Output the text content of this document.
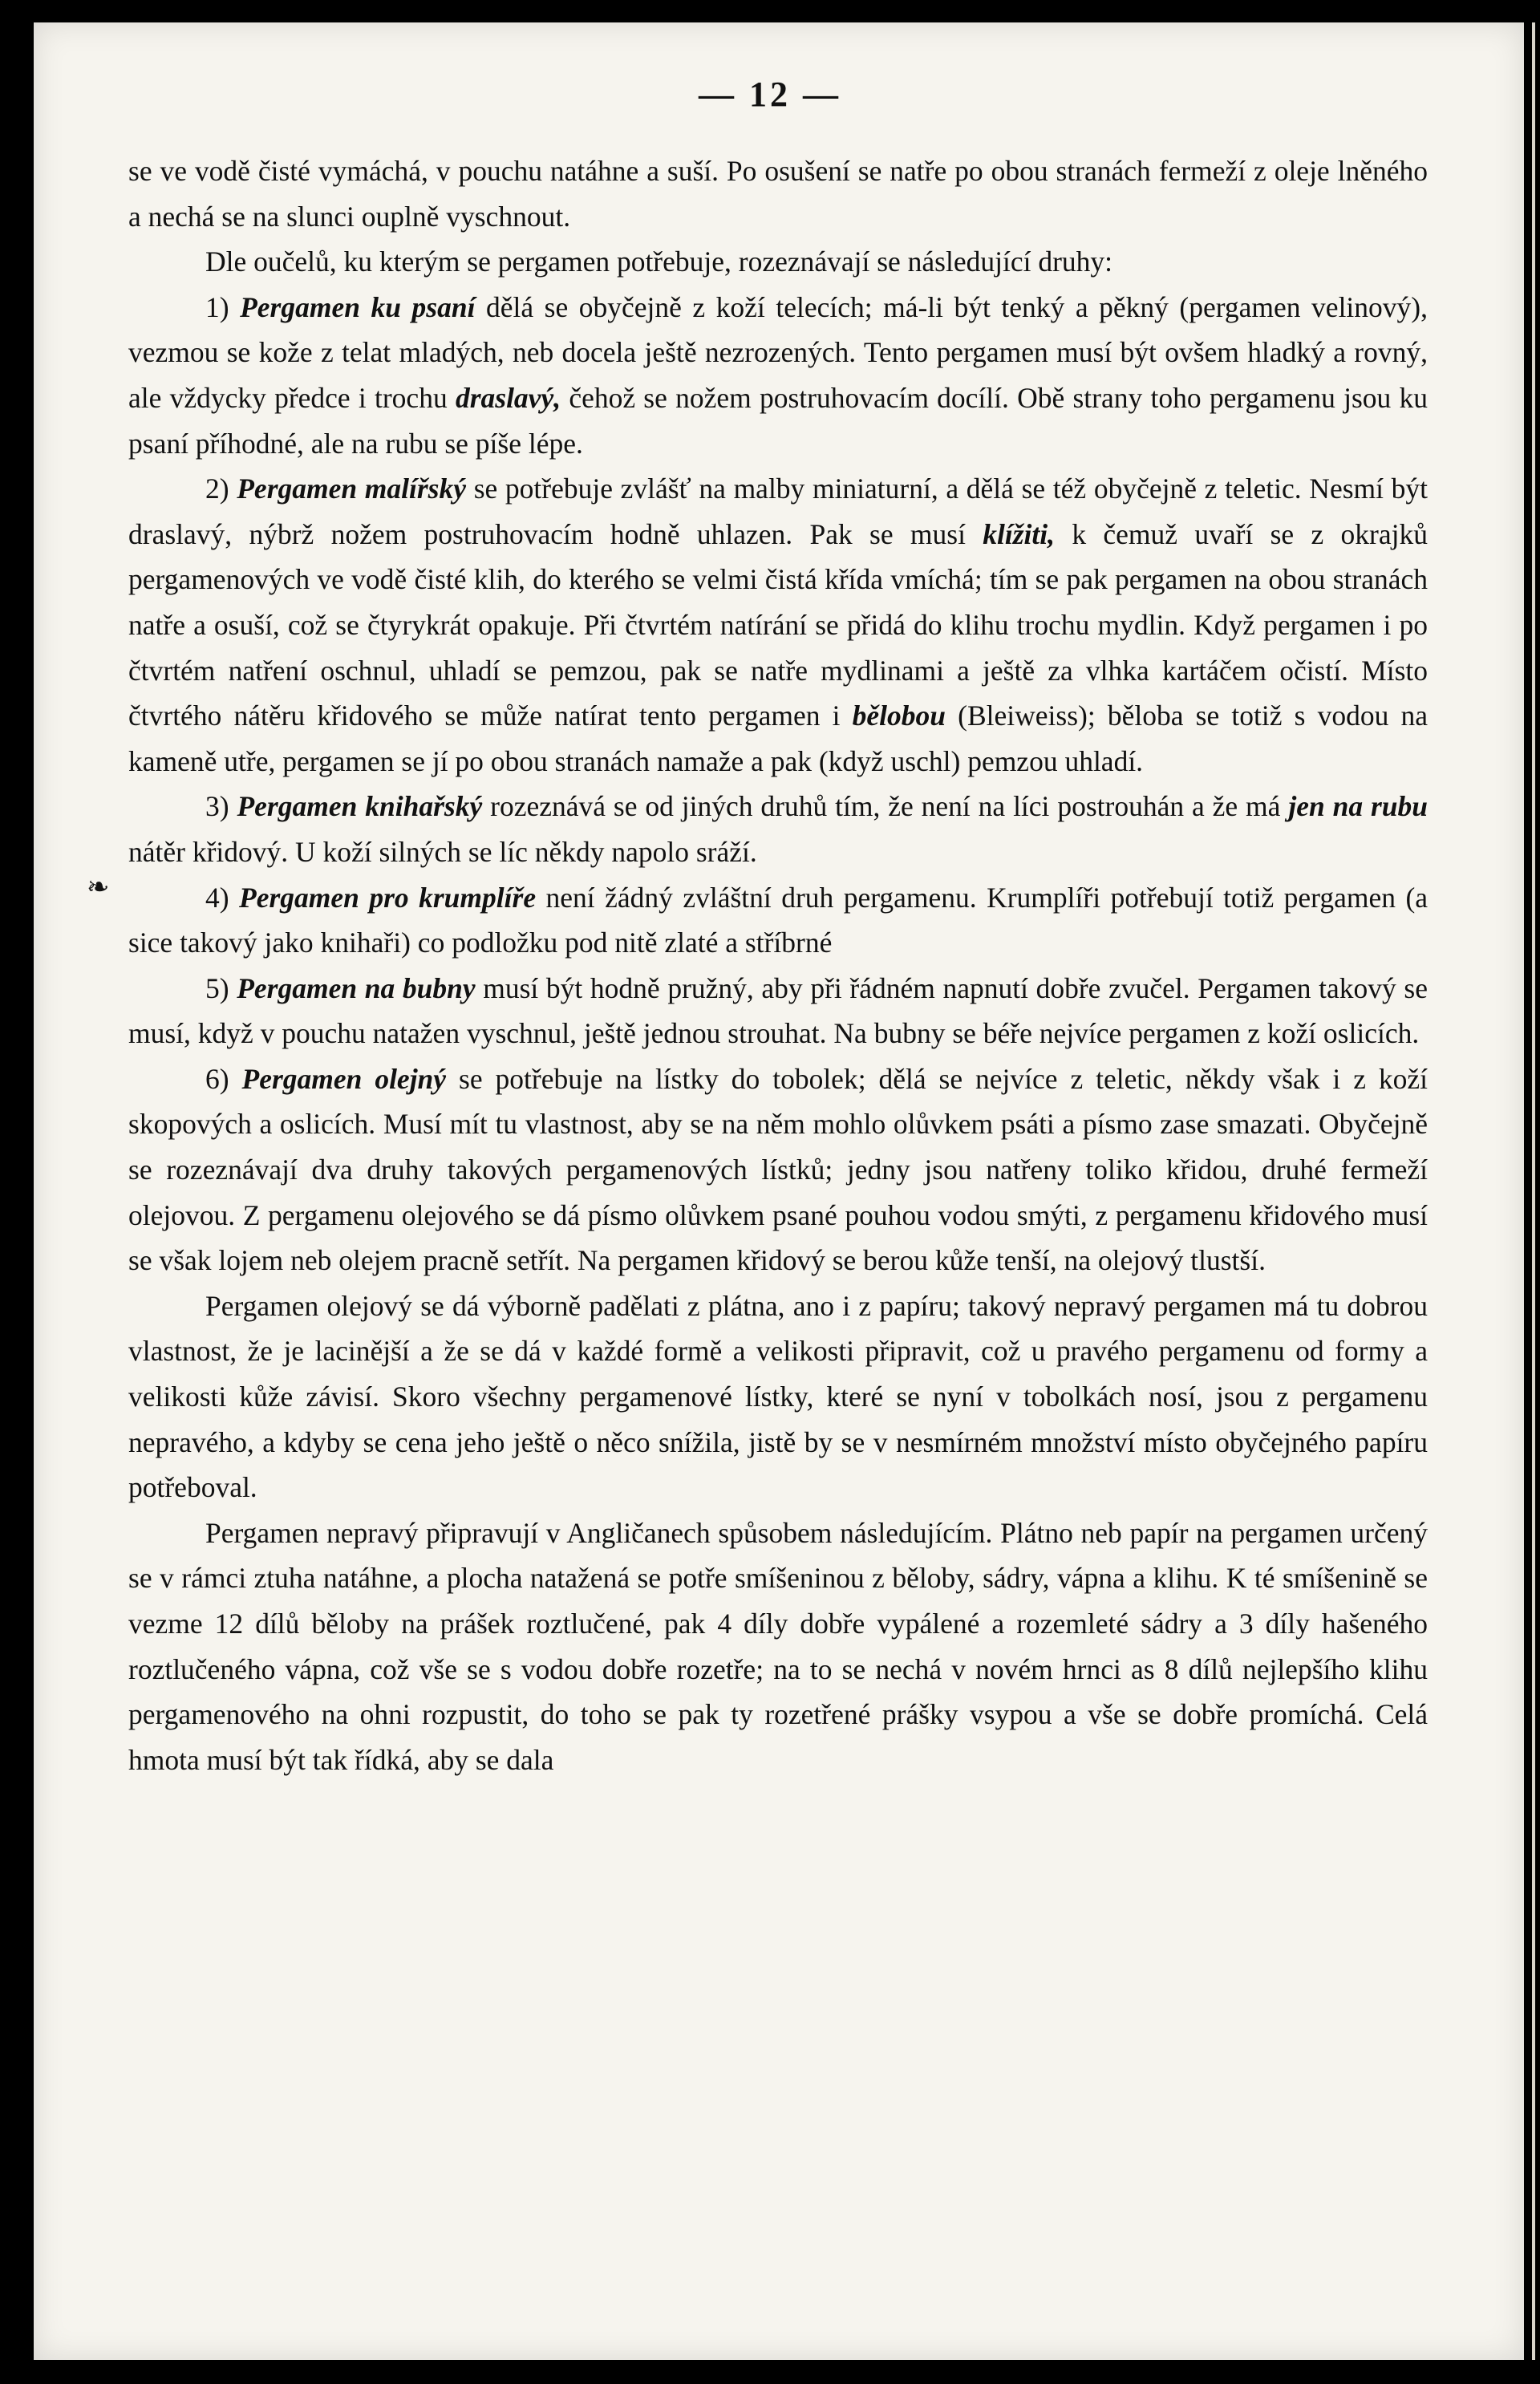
— 12 —
❧

se ve vodě čisté vymáchá, v pouchu natáhne a suší. Po osušení se natře po obou stranách fermeží z oleje lněného a nechá se na slunci ouplně vyschnout.

Dle oučelů, ku kterým se pergamen potřebuje, rozeznávají se následující druhy:

1) Pergamen ku psaní dělá se obyčejně z koží telecích; má-li být tenký a pěkný (pergamen velinový), vezmou se kože z telat mladých, neb docela ještě nezrozených. Tento pergamen musí být ovšem hladký a rovný, ale vždycky předce i trochu draslavý, čehož se nožem postruhovacím docílí. Obě strany toho pergamenu jsou ku psaní příhodné, ale na rubu se píše lépe.

2) Pergamen malířský se potřebuje zvlášť na malby miniaturní, a dělá se též obyčejně z teletic. Nesmí být draslavý, nýbrž nožem postruhovacím hodně uhlazen. Pak se musí klížiti, k čemuž uvaří se z okrajků pergamenových ve vodě čisté klih, do kterého se velmi čistá křída vmíchá; tím se pak pergamen na obou stranách natře a osuší, což se čtyrykrát opakuje. Při čtvrtém natírání se přidá do klihu trochu mydlin. Když pergamen i po čtvrtém natření oschnul, uhladí se pemzou, pak se natře mydlinami a ještě za vlhka kartáčem očistí. Místo čtvrtého nátěru křidového se může natírat tento pergamen i bělobou (Bleiweiss); běloba se totiž s vodou na kameně utře, pergamen se jí po obou stranách namaže a pak (když uschl) pemzou uhladí.

3) Pergamen knihařský rozeznává se od jiných druhů tím, že není na líci postrouhán a že má jen na rubu nátěr křidový. U koží silných se líc někdy napolo sráží.

4) Pergamen pro krumplíře není žádný zvláštní druh pergamenu. Krumplíři potřebují totiž pergamen (a sice takový jako knihaři) co podložku pod nitě zlaté a stříbrné

5) Pergamen na bubny musí být hodně pružný, aby při řádném napnutí dobře zvučel. Pergamen takový se musí, když v pouchu natažen vyschnul, ještě jednou strouhat. Na bubny se béře nejvíce pergamen z koží oslicích.

6) Pergamen olejný se potřebuje na lístky do tobolek; dělá se nejvíce z teletic, někdy však i z koží skopových a oslicích. Musí mít tu vlastnost, aby se na něm mohlo olůvkem psáti a písmo zase smazati. Obyčejně se rozeznávají dva druhy takových pergamenových lístků; jedny jsou natřeny toliko křidou, druhé fermeží olejovou. Z pergamenu olejového se dá písmo olůvkem psané pouhou vodou smýti, z pergamenu křidového musí se však lojem neb olejem pracně setřít. Na pergamen křidový se berou kůže tenší, na olejový tlustší.

Pergamen olejový se dá výborně padělati z plátna, ano i z papíru; takový nepravý pergamen má tu dobrou vlastnost, že je lacinější a že se dá v každé formě a velikosti připravit, což u pravého pergamenu od formy a velikosti kůže závisí. Skoro všechny pergamenové lístky, které se nyní v tobolkách nosí, jsou z pergamenu nepravého, a kdyby se cena jeho ještě o něco snížila, jistě by se v nesmírném množství místo obyčejného papíru potřeboval.

Pergamen nepravý připravují v Angličanech spůsobem následujícím. Plátno neb papír na pergamen určený se v rámci ztuha natáhne, a plocha natažená se potře smíšeninou z běloby, sádry, vápna a klihu. K té smíšenině se vezme 12 dílů běloby na prášek roztlučené, pak 4 díly dobře vypálené a rozemleté sádry a 3 díly hašeného roztlučeného vápna, což vše se s vodou dobře rozetře; na to se nechá v novém hrnci as 8 dílů nejlepšího klihu pergamenového na ohni rozpustit, do toho se pak ty rozetřené prášky vsypou a vše se dobře promíchá. Celá hmota musí být tak řídká, aby se dala
